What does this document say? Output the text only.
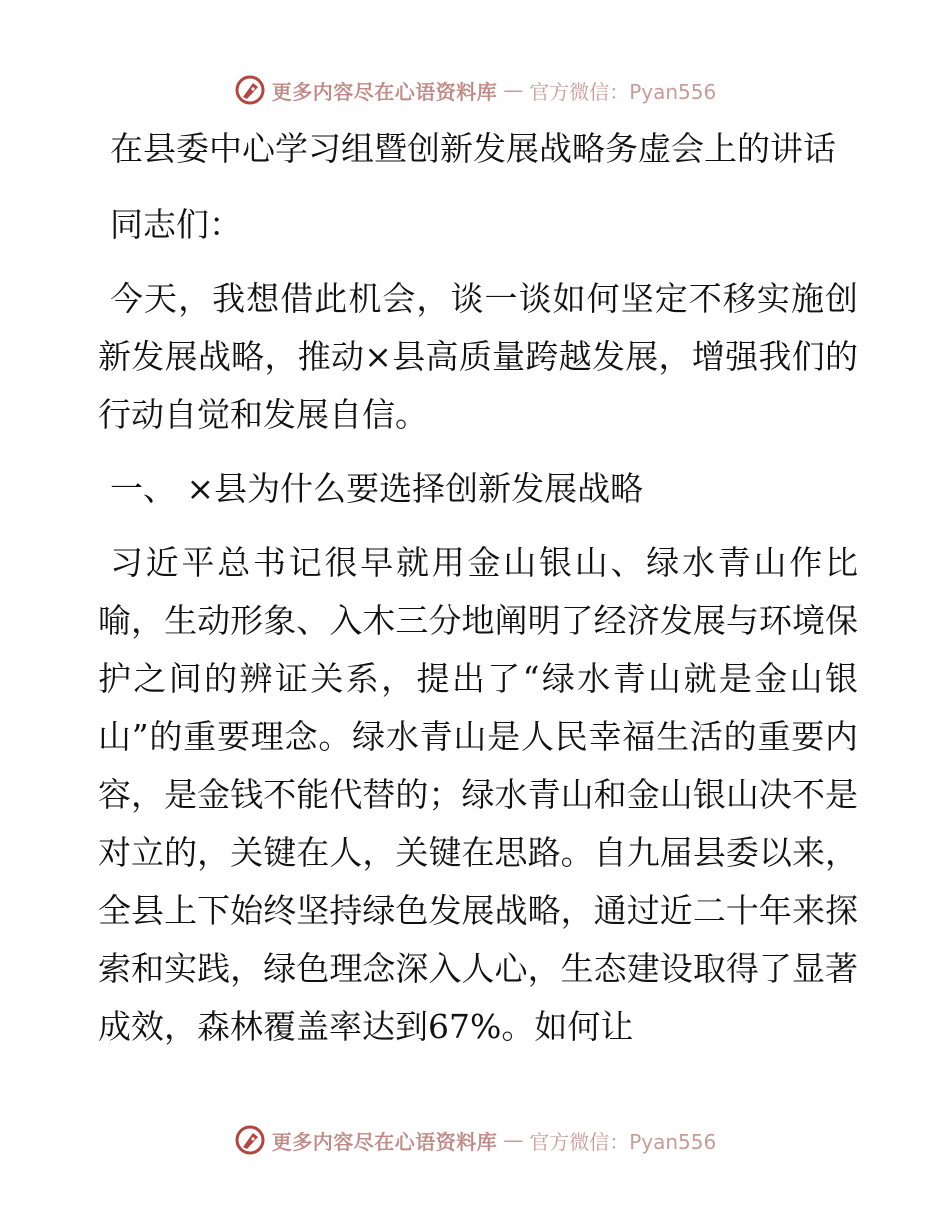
更多内容尽在心语资料库 — 官方微信：Pyan556

在县委中心学习组暨创新发展战略务虚会上的讲话

同志们：

今天，我想借此机会，谈一谈如何坚定不移实施创新发展战略，推动×县高质量跨越发展，增强我们的行动自觉和发展自信。

一、 ×县为什么要选择创新发展战略

习近平总书记很早就用金山银山、绿水青山作比喻，生动形象、入木三分地阐明了经济发展与环境保护之间的辨证关系，提出了“绿水青山就是金山银山”的重要理念。绿水青山是人民幸福生活的重要内容，是金钱不能代替的；绿水青山和金山银山决不是对立的，关键在人，关键在思路。自九届县委以来，全县上下始终坚持绿色发展战略，通过近二十年来探索和实践，绿色理念深入人心，生态建设取得了显著成效，森林覆盖率达到67%。如何让

更多内容尽在心语资料库 — 官方微信：Pyan556
